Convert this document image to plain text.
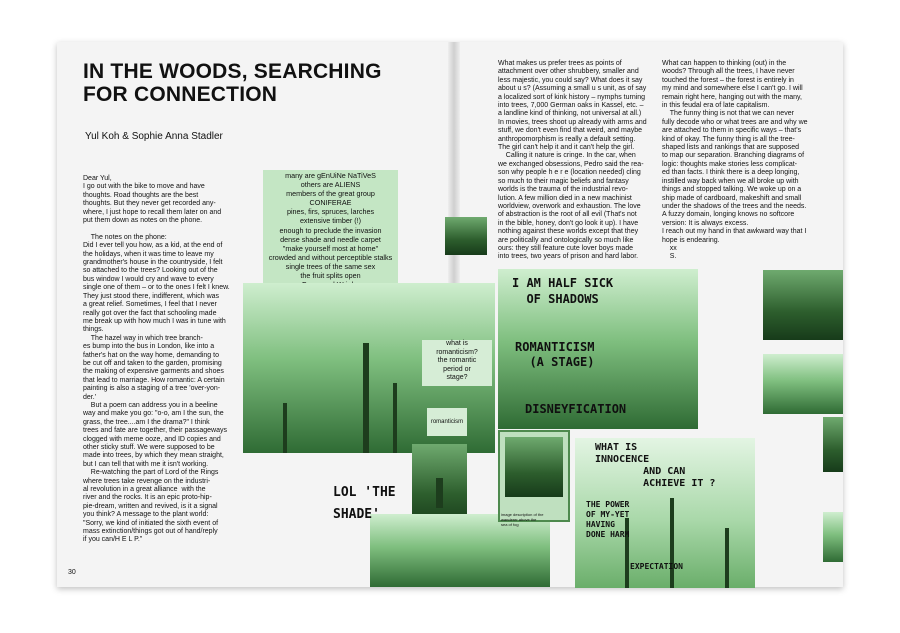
IN THE WOODS, SEARCHING
FOR CONNECTION
Yul Koh & Sophie Anna Stadler
Dear Yul,
I go out with the bike to move and have
thoughts. Road thoughts are the best
thoughts. But they never get recorded any-
where, I just hope to recall them later on and
put them down as notes on the phone.

The notes on the phone:
Did I ever tell you how, as a kid, at the end of
the holidays, when it was time to leave my
grandmother's house in the countryside, I felt
so attached to the trees? Looking out of the
bus window I would cry and wave to every
single one of them – or to the ones I felt I knew.
They just stood there, indifferent, which was
a great relief. Sometimes, I feel that I never
really got over the fact that schooling made
me break up with how much I was in tune with
things.
The hazel way in which tree branch-
es bump into the bus in London, like into a
father's hat on the way home, demanding to
be cut off and taken to the garden, promising
the making of expensive garments and shoes
that lead to marriage. How romantic: A certain
painting is also a staging of a tree 'over-yon-
der.'
But a poem can address you in a beeline
way and make you go: "o-o, am I the sun, the
grass, the tree....am I the drama?" I think
trees and fate are together, their passageways
clogged with meme ooze, and ID copies and
other sticky stuff. We were supposed to be
made into trees, by which they mean straight,
but I can tell that with me it isn't working.
Re-watching the part of Lord of the Rings
where trees take revenge on the industri-
al revolution in a great alliance  with the
river and the rocks. It is an epic proto-hip-
pie-dream, written and revived, is it a signal
you think? A message to the plant world:
"Sorry, we kind of initiated the sixth event of
mass extinction/things got out of hand/reply
if you can/H E L P."
many are gEnUiNe NaTiVeS
others are ALIENS
members of the great group
CONIFERAE
pines, firs, spruces, larches
extensive timber (!)
enough to preclude the invasion
dense shade and needle carpet
"make yourself most at home"
crowded and without perceptible stalks
single trees of the same sex
the fruit splits open

what is
romanticism?
the romantic
period or
stage?
romanticism
LOL 'THE
SHADE'
30
What makes us prefer trees as points of
attachment over other shrubbery, smaller and
less majestic, you could say? What does it say
about u s? (Assuming a small u s unit, as of say
a localized sort of kink history – nymphs turning
into trees, 7,000 German oaks in Kassel, etc. –
a landline kind of thinking, not universal at all.)
In movies, trees shoot up already with arms and
stuff, we don't even find that weird, and maybe
anthropomorphism is really a default setting.
The girl can't help it and it can't help the girl.
Calling it nature is cringe. In the car, when
we exchanged obsessions, Pedro said the rea-
son why people h e r e (location needed) cling
so much to their magic beliefs and fantasy
worlds is the trauma of the industrial revo-
lution. A few million died in a new machinist
worldview, overwork and exhaustion. The love
of abstraction is the root of all evil (That's not
in the bible, honey, don't go look it up). I have
nothing against these worlds except that they
are politically and ontologically so much like
ours: they still feature cute lover boys made
into trees, two years of prison and hard labor.
What can happen to thinking (out) in the
woods? Through all the trees, I have never
touched the forest – the forest is entirely in
my mind and somewhere else I can't go. I will
remain right here, hanging out with the many,
in this feudal era of late capitalism.
The funny thing is not that we can never
fully decode who or what trees are and why we
are attached to them in specific ways – that's
kind of okay. The funny thing is all the tree-
shaped lists and rankings that are supposed
to map our separation. Branching diagrams of
logic: thoughts make stories less complicat-
ed than facts. I think there is a deep longing,
instilled way back when we all broke up with
things and stopped talking. We woke up on a
ship made of cardboard, makeshift and small
under the shadows of the trees and the needs.
A fuzzy domain, longing knows no softcore
version: It is always excess.
I reach out my hand in that awkward way that I
hope is endearing.
xx
S.
I AM HALF SICK
OF SHADOWS
ROMANTICISM
(A STAGE)
DISNEYFICATION
image description of the
wanderer above the
sea of fog
WHAT IS
INNOCENCE
AND CAN
ACHIEVE IT ?
THE POWER
OF MY-YET
HAVING
DONE HARM
EXPECTATION
